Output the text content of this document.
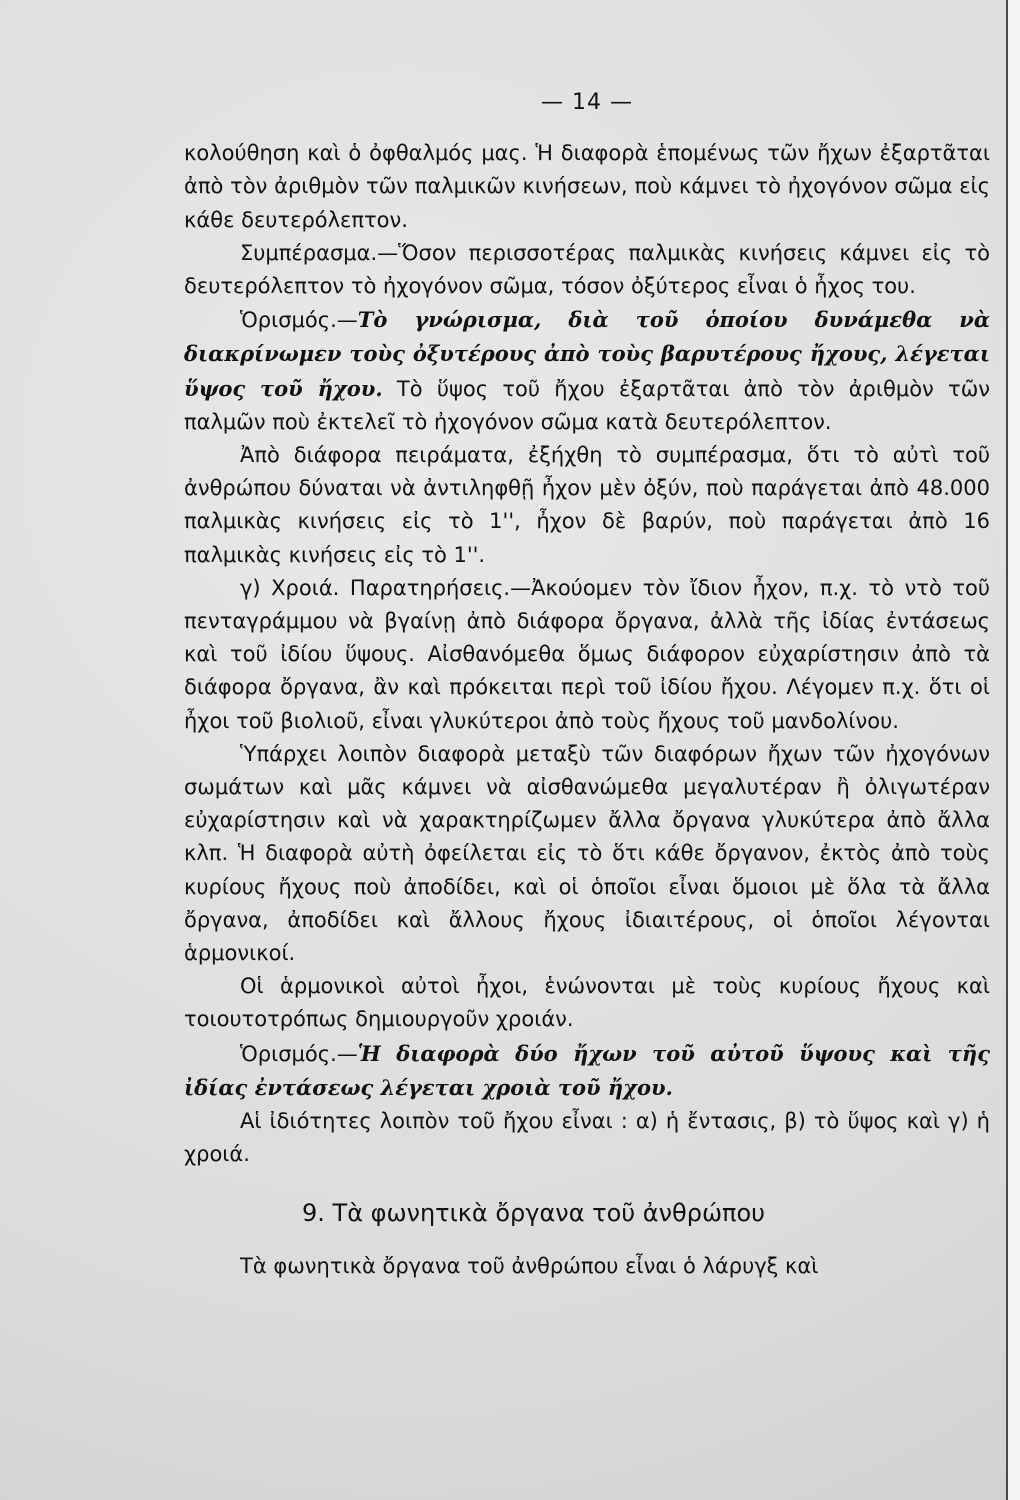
— 14 —

κολούθηση καὶ ὁ ὀφθαλμός μας. Ἡ διαφορὰ ἑπομένως τῶν ἤχων ἐξαρτᾶται ἀπὸ τὸν ἀριθμὸν τῶν παλμικῶν κινήσεων, ποὺ κάμνει τὸ ἠχογόνον σῶμα εἰς κάθε δευτερόλεπτον.

Συμπέρασμα.—Ὅσον περισσοτέρας παλμικὰς κινήσεις κάμνει εἰς τὸ δευτερόλεπτον τὸ ἠχογόνον σῶμα, τόσον ὀξύτερος εἶναι ὁ ἦχος του.

Ὁρισμός.—Τὸ γνώρισμα, διὰ τοῦ ὁποίου δυνάμεθα νὰ διακρίνωμεν τοὺς ὀξυτέρους ἀπὸ τοὺς βαρυτέρους ἤχους, λέγεται ὕψος τοῦ ἤχου. Τὸ ὕψος τοῦ ἤχου ἐξαρτᾶται ἀπὸ τὸν ἀριθμὸν τῶν παλμῶν ποὺ ἐκτελεῖ τὸ ἠχογόνον σῶμα κατὰ δευτερόλεπτον.

Ἀπὸ διάφορα πειράματα, ἐξήχθη τὸ συμπέρασμα, ὅτι τὸ αὐτὶ τοῦ ἀνθρώπου δύναται νὰ ἀντιληφθῇ ἦχον μὲν ὀξύν, ποὺ παράγεται ἀπὸ 48.000 παλμικὰς κινήσεις εἰς τὸ 1'', ἦχον δὲ βαρύν, ποὺ παράγεται ἀπὸ 16 παλμικὰς κινήσεις εἰς τὸ 1''.

γ) Χροιά. Παρατηρήσεις.—Ἀκούομεν τὸν ἴδιον ἦχον, π.χ. τὸ ντὸ τοῦ πενταγράμμου νὰ βγαίνῃ ἀπὸ διάφορα ὄργανα, ἀλλὰ τῆς ἰδίας ἐντάσεως καὶ τοῦ ἰδίου ὕψους. Αἰσθανόμεθα ὅμως διάφορον εὐχαρίστησιν ἀπὸ τὰ διάφορα ὄργανα, ἂν καὶ πρόκειται περὶ τοῦ ἰδίου ἤχου. Λέγομεν π.χ. ὅτι οἱ ἦχοι τοῦ βιολιοῦ, εἶναι γλυκύτεροι ἀπὸ τοὺς ἤχους τοῦ μανδολίνου.

Ὑπάρχει λοιπὸν διαφορὰ μεταξὺ τῶν διαφόρων ἤχων τῶν ἠχογόνων σωμάτων καὶ μᾶς κάμνει νὰ αἰσθανώμεθα μεγαλυτέραν ἢ ὀλιγωτέραν εὐχαρίστησιν καὶ νὰ χαρακτηρίζωμεν ἄλλα ὄργανα γλυκύτερα ἀπὸ ἄλλα κλπ. Ἡ διαφορὰ αὐτὴ ὀφείλεται εἰς τὸ ὅτι κάθε ὄργανον, ἐκτὸς ἀπὸ τοὺς κυρίους ἤχους ποὺ ἀποδίδει, καὶ οἱ ὁποῖοι εἶναι ὅμοιοι μὲ ὅλα τὰ ἄλλα ὄργανα, ἀποδίδει καὶ ἄλλους ἤχους ἰδιαιτέρους, οἱ ὁποῖοι λέγονται ἁρμονικοί.

Οἱ ἁρμονικοὶ αὐτοὶ ἦχοι, ἑνώνονται μὲ τοὺς κυρίους ἤχους καὶ τοιουτοτρόπως δημιουργοῦν χροιάν.

Ὁρισμός.—Ἡ διαφορὰ δύο ἤχων τοῦ αὐτοῦ ὕψους καὶ τῆς ἰδίας ἐντάσεως λέγεται χροιὰ τοῦ ἤχου.

Αἱ ἰδιότητες λοιπὸν τοῦ ἤχου εἶναι : α) ἡ ἔντασις, β) τὸ ὕψος καὶ γ) ἡ χροιά.

9. Τὰ φωνητικὰ ὄργανα τοῦ ἀνθρώπου

Τὰ φωνητικὰ ὄργανα τοῦ ἀνθρώπου εἶναι ὁ λάρυγξ καὶ
